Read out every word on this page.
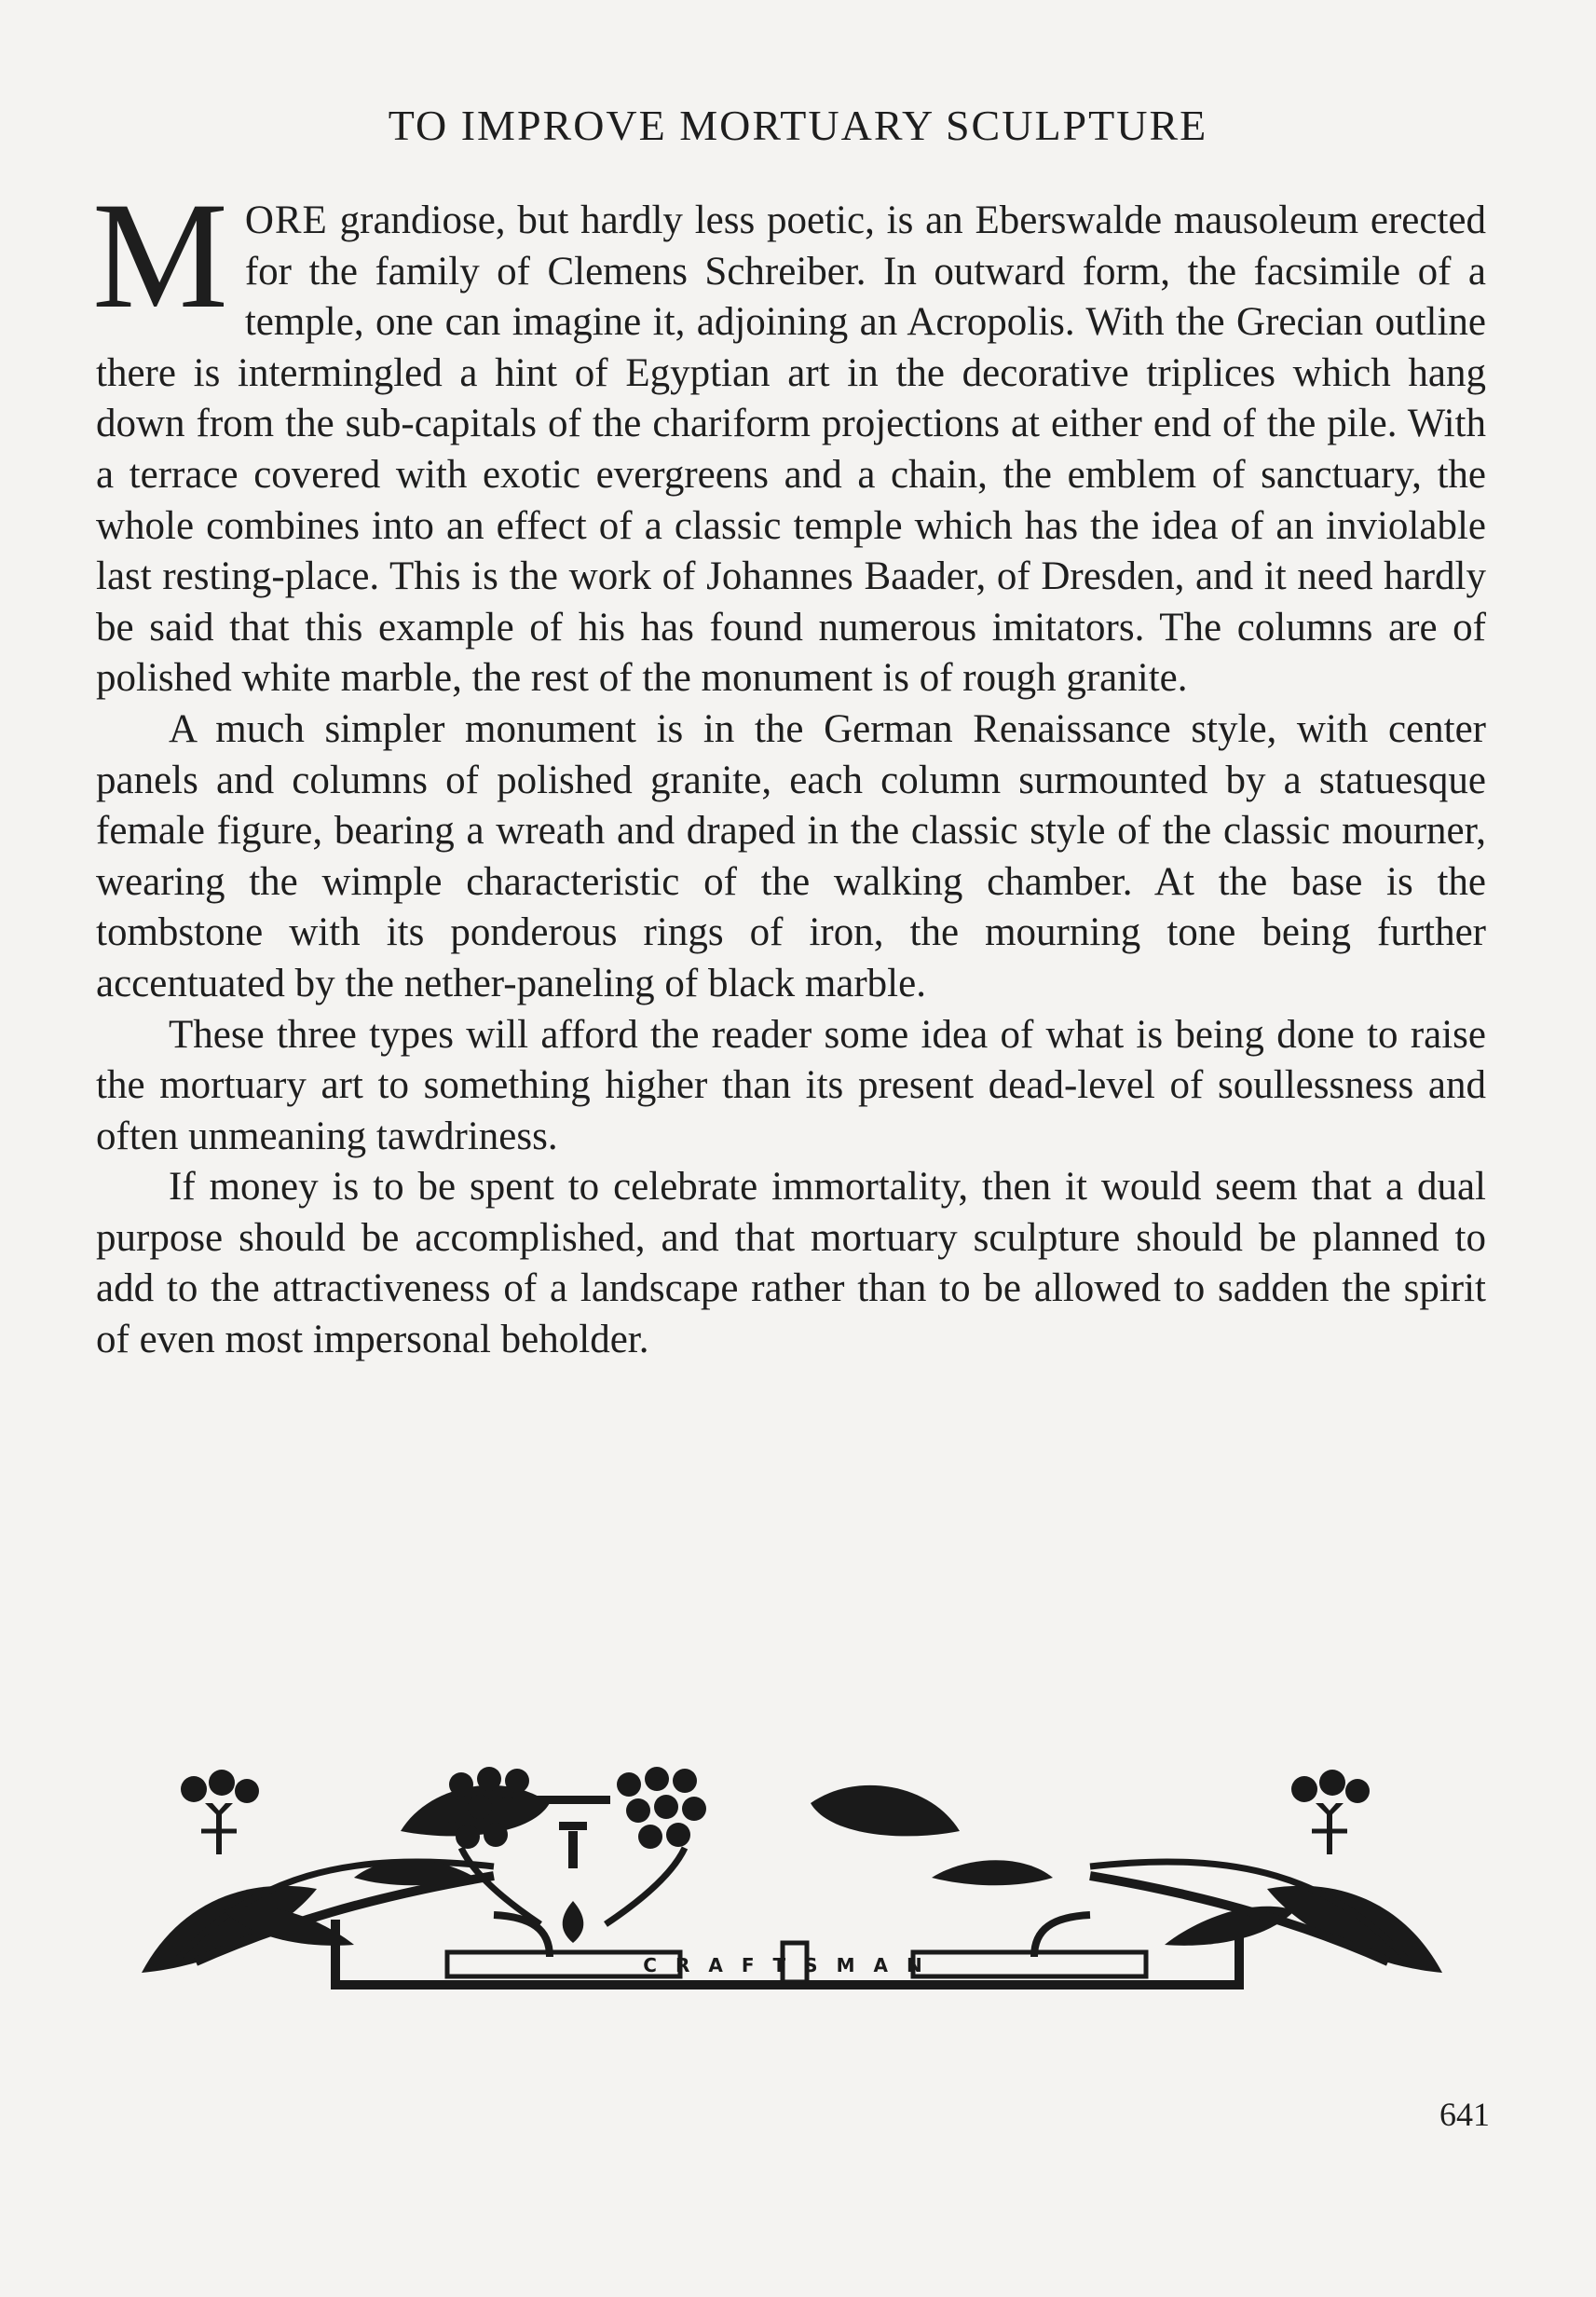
TO IMPROVE MORTUARY SCULPTURE

MORE grandiose, but hardly less poetic, is an Eberswalde mausoleum erected for the family of Clemens Schreiber. In outward form, the facsimile of a temple, one can imagine it, adjoining an Acropolis. With the Grecian outline there is intermingled a hint of Egyptian art in the decorative triplices which hang down from the sub-capitals of the chariform projections at either end of the pile. With a terrace covered with exotic evergreens and a chain, the emblem of sanctuary, the whole combines into an effect of a classic temple which has the idea of an inviolable last resting-place. This is the work of Johannes Baader, of Dresden, and it need hardly be said that this example of his has found numerous imitators. The columns are of polished white marble, the rest of the monument is of rough granite.

A much simpler monument is in the German Renaissance style, with center panels and columns of polished granite, each column surmounted by a statuesque female figure, bearing a wreath and draped in the classic style of the classic mourner, wearing the wimple characteristic of the walking chamber. At the base is the tombstone with its ponderous rings of iron, the mourning tone being further accentuated by the nether-paneling of black marble.

These three types will afford the reader some idea of what is being done to raise the mortuary art to something higher than its present dead-level of soullessness and often unmeaning tawdriness.

If money is to be spent to celebrate immortality, then it would seem that a dual purpose should be accomplished, and that mortuary sculpture should be planned to add to the attractiveness of a landscape rather than to be allowed to sadden the spirit of even most impersonal beholder.

CRAFTSMAN
641
